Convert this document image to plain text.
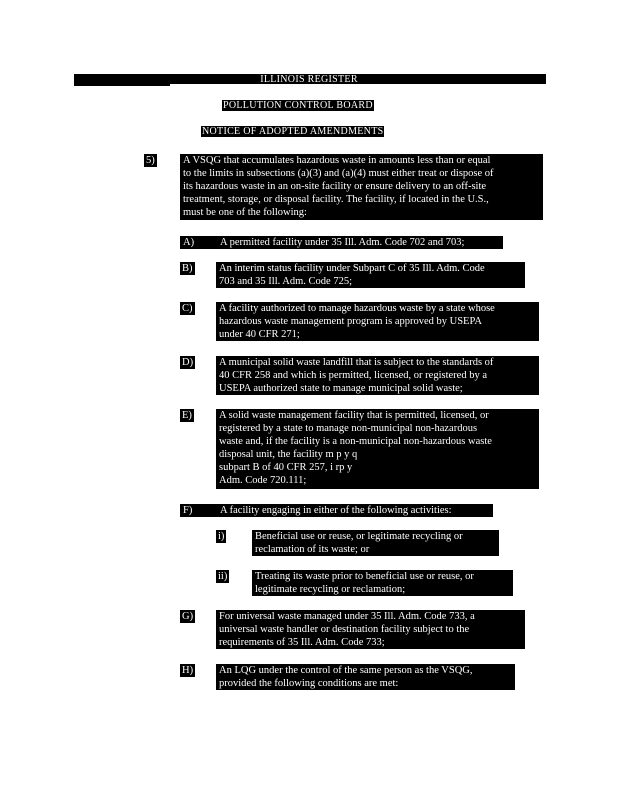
ILLINOIS REGISTER
POLLUTION CONTROL BOARD
NOTICE OF ADOPTED AMENDMENTS
5)	A VSQG that accumulates hazardous waste in amounts less than or equal
to the limits in subsections (a)(3) and (a)(4) must either treat or dispose of
its hazardous waste in an on-site facility or ensure delivery to an off-site
treatment, storage, or disposal facility. The facility, if located in the U.S.,
must be one of the following:
A) A permitted facility under 35 Ill. Adm. Code 702 and 703;
B)	An interim status facility under Subpart C of 35 Ill. Adm. Code
703 and 35 Ill. Adm. Code 725;
C)	A facility authorized to manage hazardous waste by a state whose
hazardous waste management program is approved by USEPA
under 40 CFR 271;
D) A municipal solid waste landfill that is subject to the standards of
40 CFR 258 and which is permitted, licensed, or registered by a
USEPA authorized state to manage municipal solid waste;
E)	A solid waste management facility that is permitted, licensed, or
registered by a state to manage non-municipal non-hazardous
waste and, if the facility is a non-municipal non-hazardous waste
disposal unit, the facility m p y q
subpart B of 40 CFR 257, i rp y
Adm. Code 720.111;
F)	A facility engaging in either of the following activities:
i)	Beneficial use or reuse, or legitimate recycling or
reclamation of its waste; or
ii)	Treating its waste prior to beneficial use or reuse, or
legitimate recycling or reclamation;
G) For universal waste managed under 35 Ill. Adm. Code 733, a
universal waste handler or destination facility subject to the
requirements of 35 Ill. Adm. Code 733;
H) An LQG under the control of the same person as the VSQG,
provided the following conditions are met:
